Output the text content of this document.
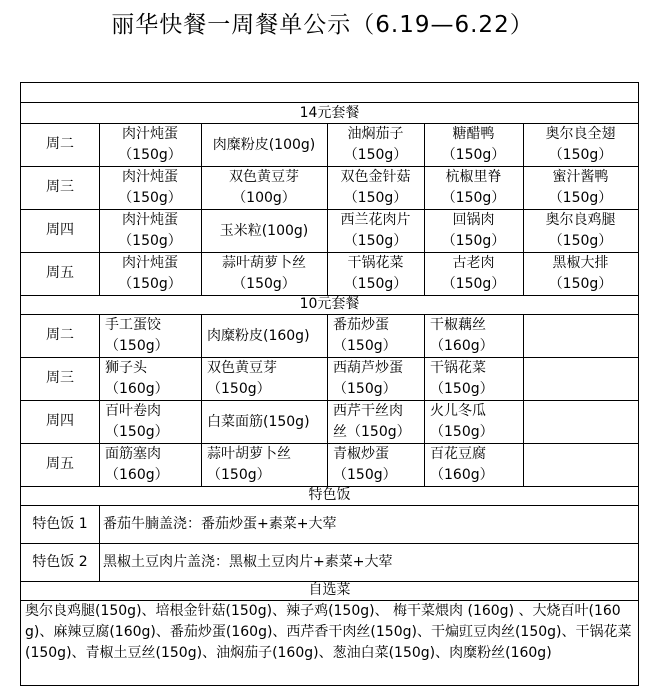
丽华快餐一周餐单公示（6.19—6.22）
14元套餐
10元套餐
特色饭
自选菜
奥尔良鸡腿(150g)、培根金针菇(150g)、辣子鸡(150g)、 梅干菜煨肉 (160g) 、大烧百叶(160g)、麻辣豆腐(160g)、番茄炒蛋(160g)、西芹香干肉丝(150g)、干煸豇豆肉丝(150g)、干锅花菜(150g)、青椒土豆丝(150g)、油焖茄子(160g)、葱油白菜(150g)、肉糜粉丝(160g)
周二
肉汁炖蛋
（150g）
肉糜粉皮(100g)
油焖茄子
（150g）
糖醋鸭
（150g）
奥尔良全翅
（150g）
周三
肉汁炖蛋
（150g）
双色黄豆芽
（100g）
双色金针菇
（150g）
杭椒里脊
（150g）
蜜汁酱鸭
（150g）
周四
肉汁炖蛋
（150g）
玉米粒(100g)
西兰花肉片
（150g）
回锅肉
（150g）
奥尔良鸡腿
（150g）
周五
肉汁炖蛋
（150g）
蒜叶葫萝卜丝
（150g）
干锅花菜
（150g）
古老肉
（150g）
黑椒大排
（150g）
周二
手工蛋饺
（150g）
肉糜粉皮(160g)
番茄炒蛋
（150g）
干椒藕丝
（160g）
周三
狮子头
（160g）
双色黄豆芽
（150g）
西葫芦炒蛋
（150g）
干锅花菜
（150g）
周四
百叶卷肉
（150g）
白菜面筋(150g)
西芹干丝肉
丝（150g）
火儿冬瓜
（150g）
周五
面筋塞肉
（160g）
蒜叶胡萝卜丝
（150g）
青椒炒蛋
（150g）
百花豆腐
（160g）
特色饭 1	番茄牛腩盖浇：番茄炒蛋+素菜+大荤
特色饭 2	黑椒土豆肉片盖浇：黑椒土豆肉片+素菜+大荤
